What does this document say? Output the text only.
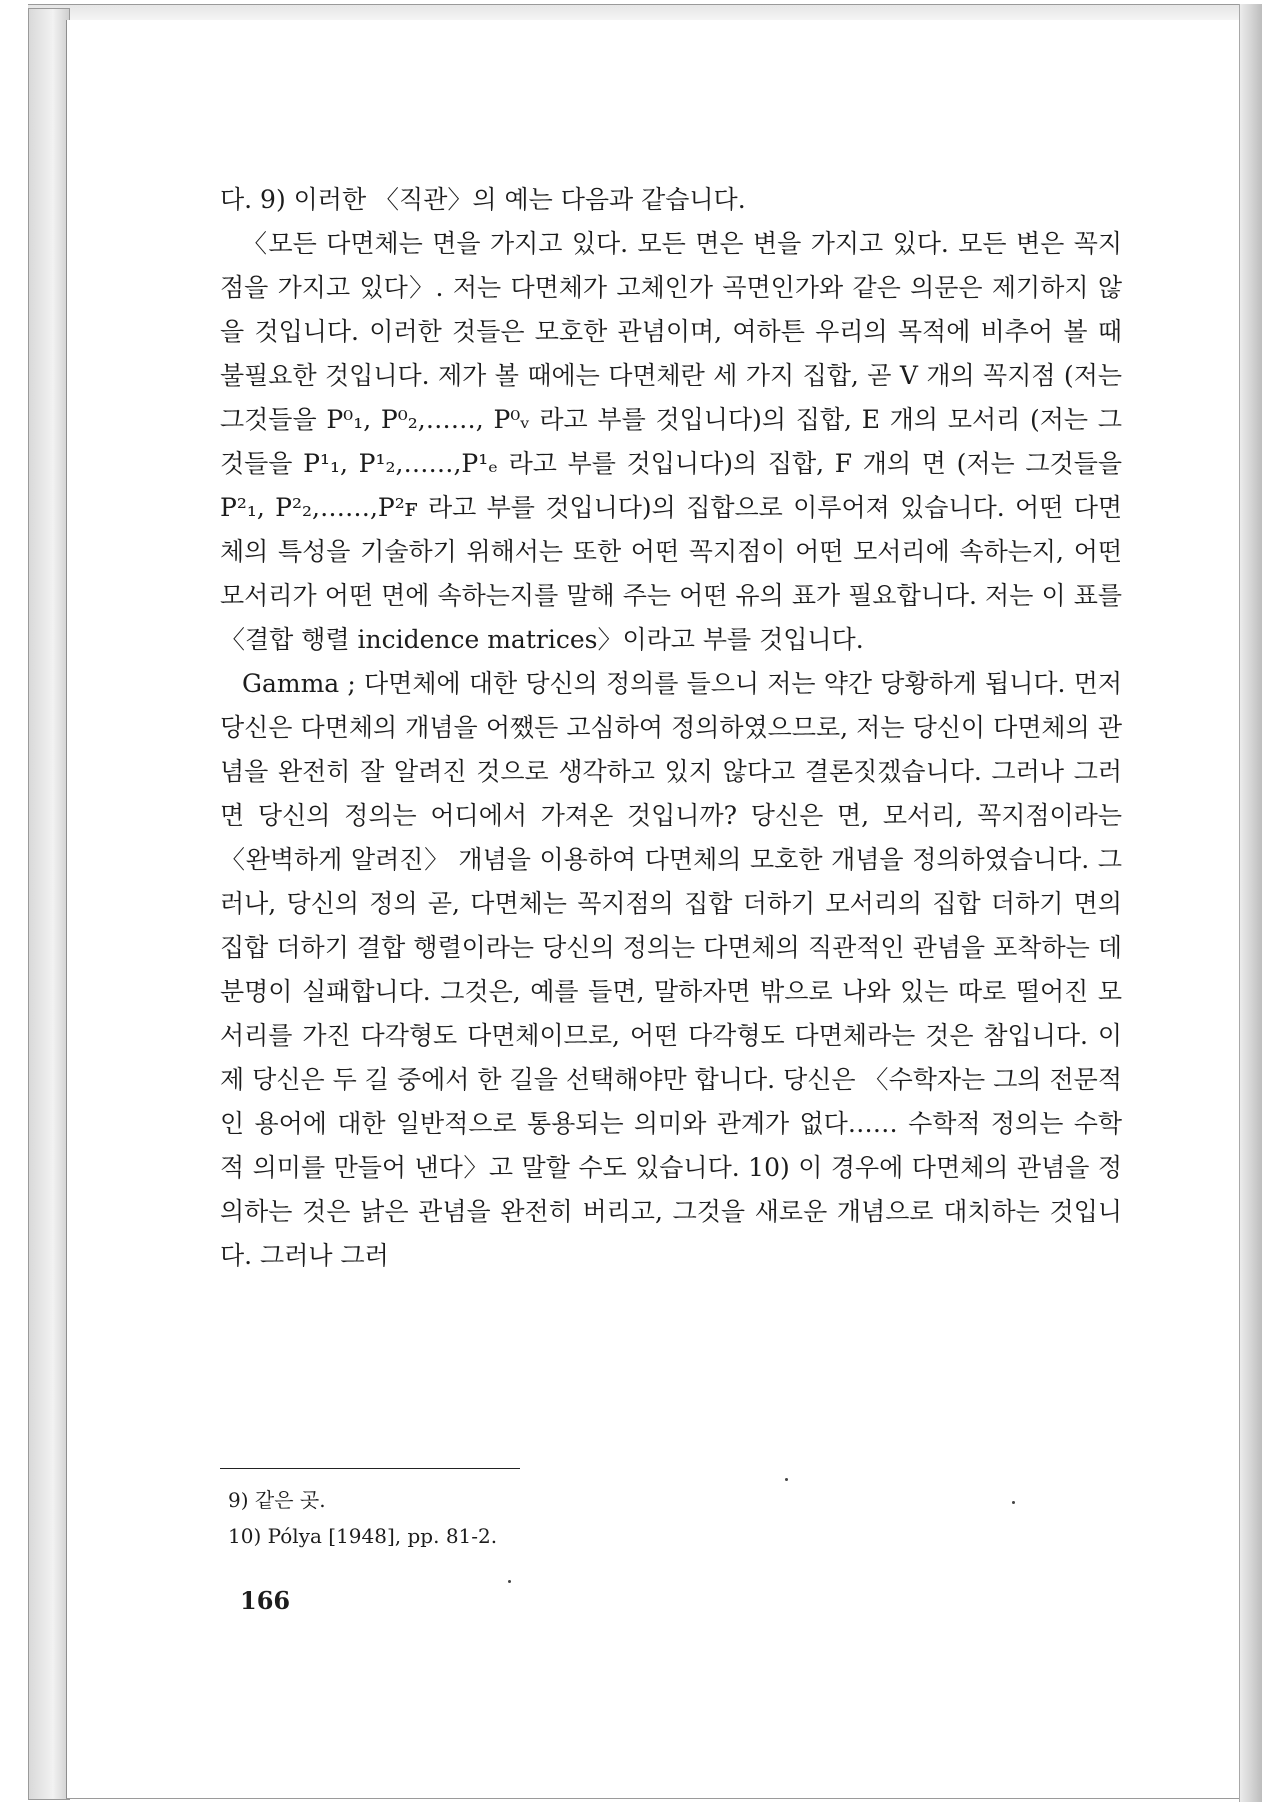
다. 9) 이러한 〈직관〉의 예는 다음과 같습니다.

〈모든 다면체는 면을 가지고 있다. 모든 면은 변을 가지고 있다. 모든 변은 꼭지점을 가지고 있다〉. 저는 다면체가 고체인가 곡면인가와 같은 의문은 제기하지 않을 것입니다. 이러한 것들은 모호한 관념이며, 여하튼 우리의 목적에 비추어 볼 때 불필요한 것입니다. 제가 볼 때에는 다면체란 세 가지 집합, 곧 V 개의 꼭지점 (저는 그것들을 P⁰₁, P⁰₂,……, P⁰ᵥ 라고 부를 것입니다)의 집합, E 개의 모서리 (저는 그것들을 P¹₁, P¹₂,……,P¹ₑ 라고 부를 것입니다)의 집합, F 개의 면 (저는 그것들을 P²₁, P²₂,……,P²ꜰ 라고 부를 것입니다)의 집합으로 이루어져 있습니다. 어떤 다면체의 특성을 기술하기 위해서는 또한 어떤 꼭지점이 어떤 모서리에 속하는지, 어떤 모서리가 어떤 면에 속하는지를 말해 주는 어떤 유의 표가 필요합니다. 저는 이 표를 〈결합 행렬 incidence matrices〉이라고 부를 것입니다.

Gamma ; 다면체에 대한 당신의 정의를 들으니 저는 약간 당황하게 됩니다. 먼저 당신은 다면체의 개념을 어쨌든 고심하여 정의하였으므로, 저는 당신이 다면체의 관념을 완전히 잘 알려진 것으로 생각하고 있지 않다고 결론짓겠습니다. 그러나 그러면 당신의 정의는 어디에서 가져온 것입니까? 당신은 면, 모서리, 꼭지점이라는 〈완벽하게 알려진〉 개념을 이용하여 다면체의 모호한 개념을 정의하였습니다. 그러나, 당신의 정의 곧, 다면체는 꼭지점의 집합 더하기 모서리의 집합 더하기 면의 집합 더하기 결합 행렬이라는 당신의 정의는 다면체의 직관적인 관념을 포착하는 데 분명이 실패합니다. 그것은, 예를 들면, 말하자면 밖으로 나와 있는 따로 떨어진 모서리를 가진 다각형도 다면체이므로, 어떤 다각형도 다면체라는 것은 참입니다. 이제 당신은 두 길 중에서 한 길을 선택해야만 합니다. 당신은 〈수학자는 그의 전문적인 용어에 대한 일반적으로 통용되는 의미와 관계가 없다…… 수학적 정의는 수학적 의미를 만들어 낸다〉고 말할 수도 있습니다. 10) 이 경우에 다면체의 관념을 정의하는 것은 낡은 관념을 완전히 버리고, 그것을 새로운 개념으로 대치하는 것입니다. 그러나 그러

9) 같은 곳.
10) Pólya [1948], pp. 81-2.
166
